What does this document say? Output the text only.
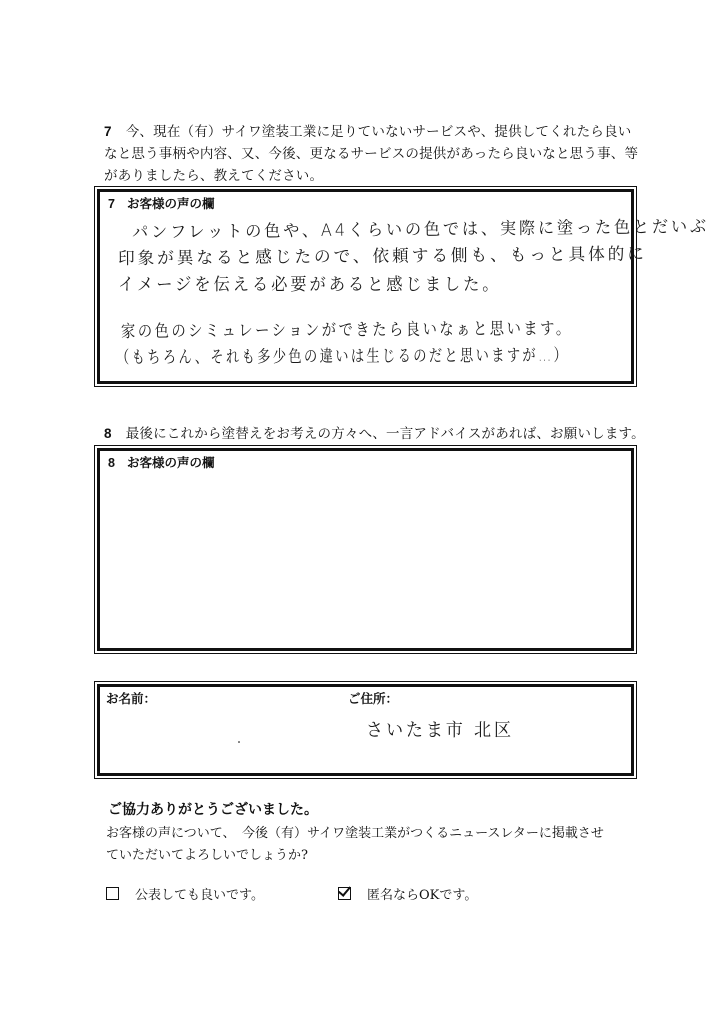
7 今、現在（有）サイワ塗装工業に足りていないサービスや、提供してくれたら良い
なと思う事柄や内容、又、今後、更なるサービスの提供があったら良いなと思う事、等
がありましたら、教えてください。
7 お客様の声の欄
パンフレットの色や、A4くらいの色では、実際に塗った色とだいぶ
印象が異なると感じたので、依頼する側も、もっと具体的に
イメージを伝える必要があると感じました。
家の色のシミュレーションができたら良いなぁと思います。
（もちろん、それも多少色の違いは生じるのだと思いますが…）
8 最後にこれから塗替えをお考えの方々へ、一言アドバイスがあれば、お願いします。
8 お客様の声の欄
お名前：	ご住所：
さいたま市 北区
ご協力ありがとうございました。
お客様の声について、　今後（有）サイワ塗装工業がつくるニュースレターに掲載させ
ていただいてよろしいでしょうか?
公表しても良いです。	匿名ならOKです。
